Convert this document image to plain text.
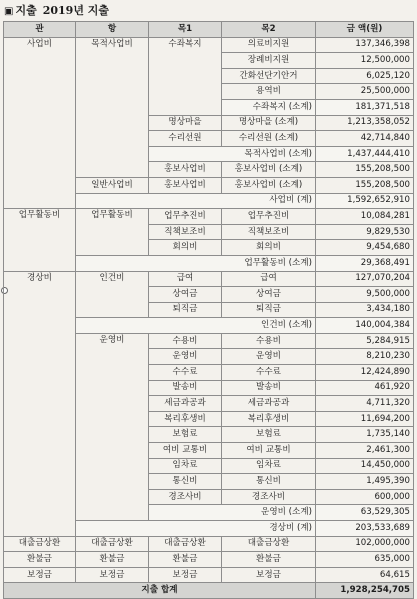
▣ 지출 2019년 지출
관	항	목1	목2	금 액(원)
사업비	목적사업비	수좌복지	의료비지원	137,346,398
			장례비지원	12,500,000
			간화선단기안거	6,025,120
			용역비	25,500,000
			수좌복지 (소계)	181,371,518
		명상마을	명상마을 (소계)	1,213,358,052
		수리선원	수리선원 (소계)	42,714,840
		목적사업비 (소계)		1,437,444,410
		홍보사업비	홍보사업비 (소계)	155,208,500
	일반사업비	홍보사업비	홍보사업비 (소계)	155,208,500
	사업비 (계)			1,592,652,910
업무활동비	업무활동비	업무추진비	업무추진비	10,084,281
		직책보조비	직책보조비	9,829,530
		회의비	회의비	9,454,680
	업무활동비 (소계)			29,368,491
경상비	인건비	급여	급여	127,070,204
		상여금	상여금	9,500,000
		퇴직금	퇴직금	3,434,180
	인건비 (소계)			140,004,384
	운영비	수용비	수용비	5,284,915
		운영비	운영비	8,210,230
		수수료	수수료	12,424,890
		발송비	발송비	461,920
		세금과공과	세금과공과	4,711,320
		복리후생비	복리후생비	11,694,200
		보험료	보험료	1,735,140
		여비 교통비	여비 교통비	2,461,300
		임차료	임차료	14,450,000
		통신비	통신비	1,495,390
		경조사비	경조사비	600,000
		운영비 (소계)		63,529,305
	경상비 (계)			203,533,689
대출금상환	대출금상환	대출금상환	대출금상환	102,000,000
환불금	환불금	환불금	환불금	635,000
보정금	보정금	보정금	보정금	64,615
지출 합계				1,928,254,705
